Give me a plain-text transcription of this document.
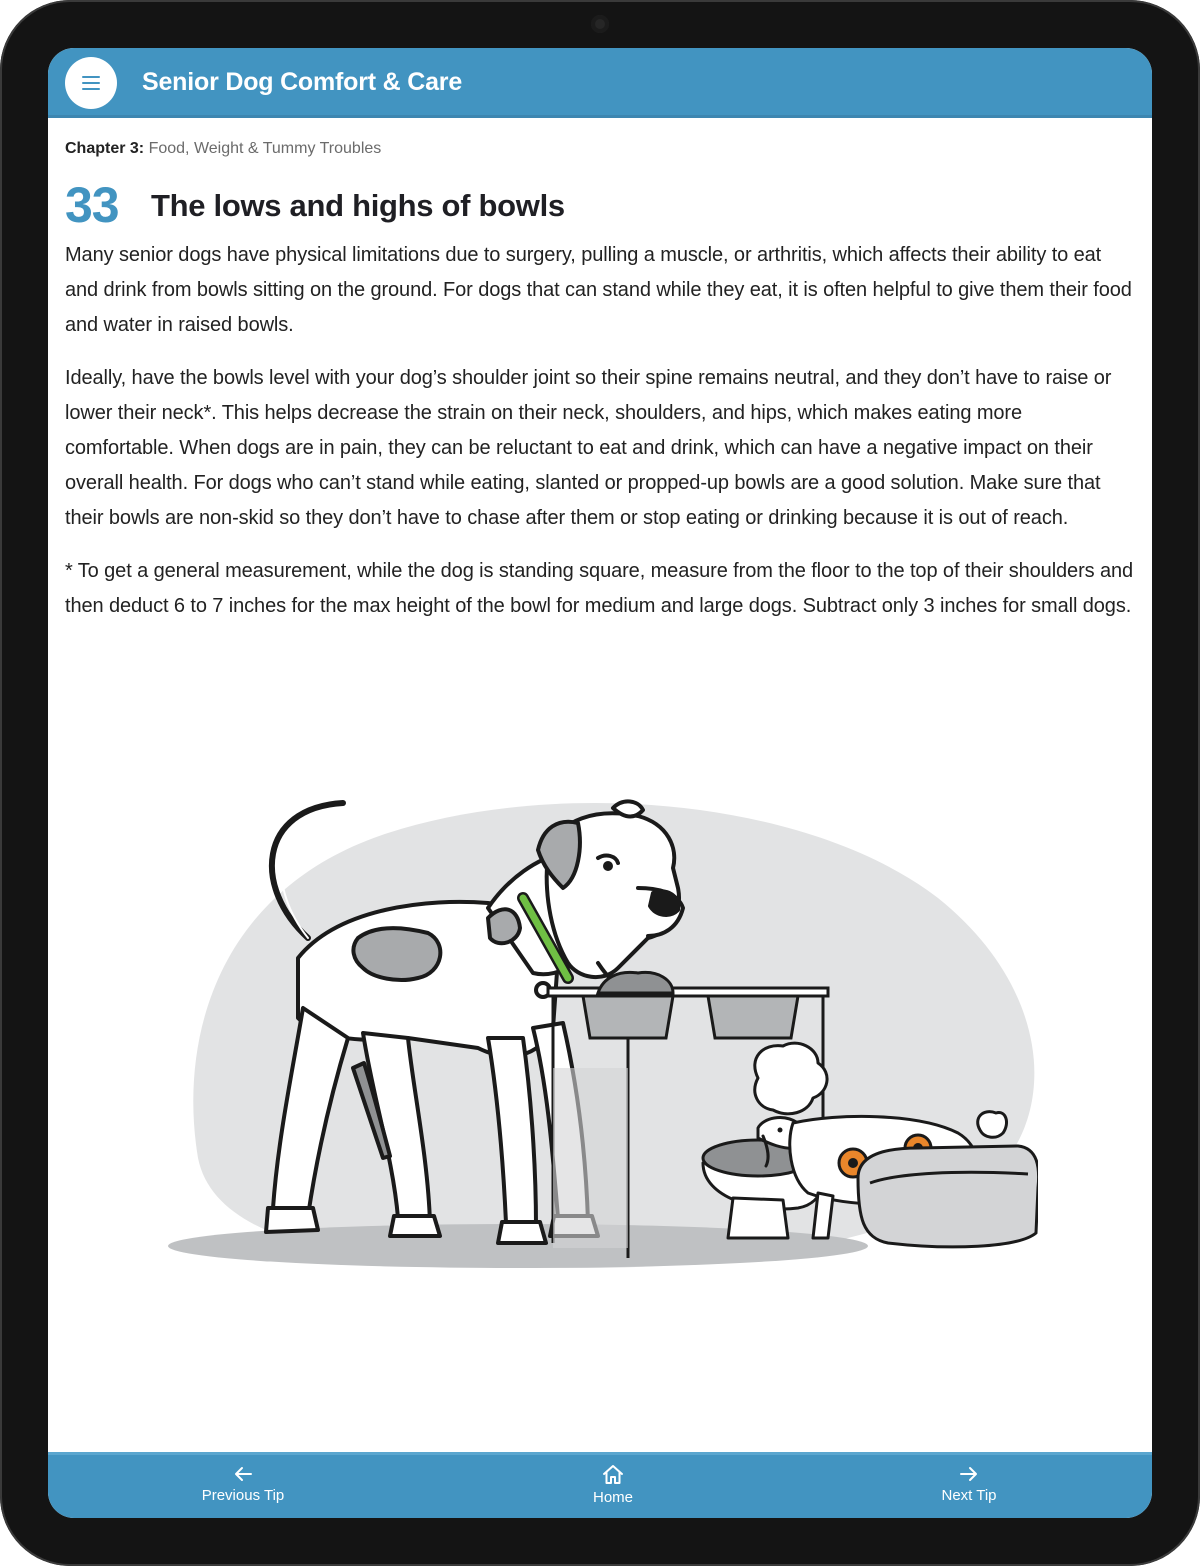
Senior Dog Comfort & Care
Chapter 3: Food, Weight & Tummy Troubles
33 The lows and highs of bowls

Many senior dogs have physical limitations due to surgery, pulling a muscle, or arthritis, which affects their ability to eat and drink from bowls sitting on the ground. For dogs that can stand while they eat, it is often helpful to give them their food and water in raised bowls.

Ideally, have the bowls level with your dog’s shoulder joint so their spine remains neutral, and they don’t have to raise or lower their neck*. This helps decrease the strain on their neck, shoulders, and hips, which makes eating more comfortable. When dogs are in pain, they can be reluctant to eat and drink, which can have a negative impact on their overall health. For dogs who can’t stand while eating, slanted or propped-up bowls are a good solution. Make sure that their bowls are non-skid so they don’t have to chase after them or stop eating or drinking because it is out of reach.

* To get a general measurement, while the dog is standing square, measure from the floor to the top of their shoulders and then deduct 6 to 7 inches for the max height of the bowl for medium and large dogs. Subtract only 3 inches for small dogs.

Previous Tip	Home	Next Tip
